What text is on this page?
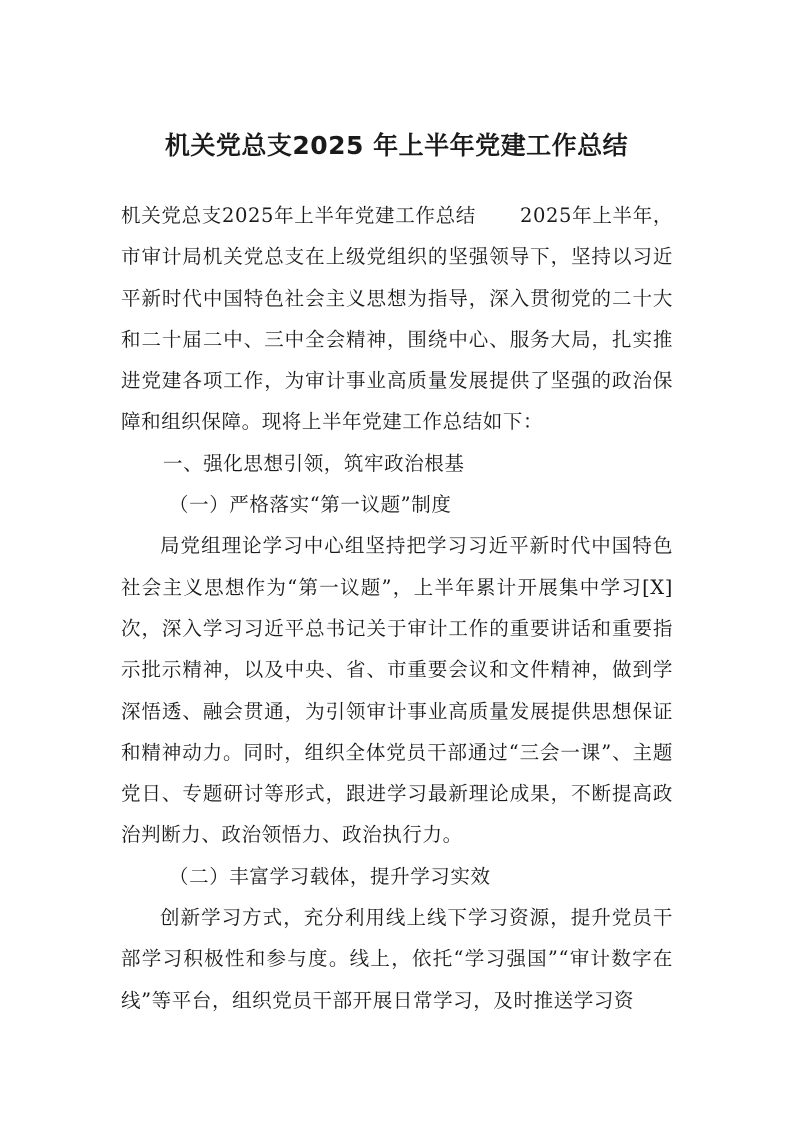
机关党总支2025 年上半年党建工作总结

机关党总支2025年上半年党建工作总结 2025年上半年，市审计局机关党总支在上级党组织的坚强领导下，坚持以习近平新时代中国特色社会主义思想为指导，深入贯彻党的二十大和二十届二中、三中全会精神，围绕中心、服务大局，扎实推进党建各项工作，为审计事业高质量发展提供了坚强的政治保障和组织保障。现将上半年党建工作总结如下：

一、强化思想引领，筑牢政治根基

（一）严格落实“第一议题”制度

局党组理论学习中心组坚持把学习习近平新时代中国特色社会主义思想作为“第一议题”，上半年累计开展集中学习[X]次，深入学习习近平总书记关于审计工作的重要讲话和重要指示批示精神，以及中央、省、市重要会议和文件精神，做到学深悟透、融会贯通，为引领审计事业高质量发展提供思想保证和精神动力。同时，组织全体党员干部通过“三会一课”、主题党日、专题研讨等形式，跟进学习最新理论成果，不断提高政治判断力、政治领悟力、政治执行力。

（二）丰富学习载体，提升学习实效

创新学习方式，充分利用线上线下学习资源，提升党员干部学习积极性和参与度。线上，依托“学习强国”“审计数字在线”等平台，组织党员干部开展日常学习，及时推送学习资
